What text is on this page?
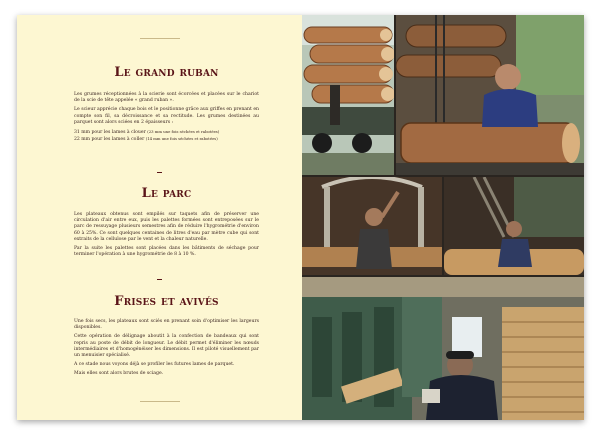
Le grand ruban

Les grumes réceptionnées à la scierie sont écorcées et placées sur le chariot de la scie de tête appelée « grand ruban ».

Le scieur apprécie chaque bois et le positionne grâce aux griffes en prenant en compte son fil, sa décroissance et sa rectitude. Les grumes destinées au parquet sont alors sciées en 2 épaisseurs :

31 mm pour les lames à clouer (23 mm une fois séchées et rabotées)

22 mm pour les lames à coller (14 mm une fois séchées et rabotées)

Le parc

Les plateaux obtenus sont empilés sur taquets afin de préserver une circulation d'air entre eux, puis les palettes formées sont entreposées sur le parc de ressuyage plusieurs semestres afin de réduire l'hygrométrie d'environ 60 à 25%. Ce sont quelques centaines de litres d'eau par mètre cube qui sont extraits de la cellulose par le vent et la chaleur naturelle.

Par la suite les palettes sont placées dans les bâtiments de séchage pour terminer l'opération à une hygrométrie de 8 à 10 %.

Frises et avivés

Une fois secs, les plateaux sont sciés en prenant soin d'optimiser les largeurs disponibles.

Cette opération de délignage aboutit à la confection de bandeaux qui sont repris au poste de débit de longueur. Le débit permet d'éliminer les nœuds intermédiaires et d'homogénéiser les dimensions. Il est piloté visuellement par un menuisier spécialisé.

A ce stade nous voyons déjà se profiler les futures lames de parquet.

Mais elles sont alors brutes de sciage.
